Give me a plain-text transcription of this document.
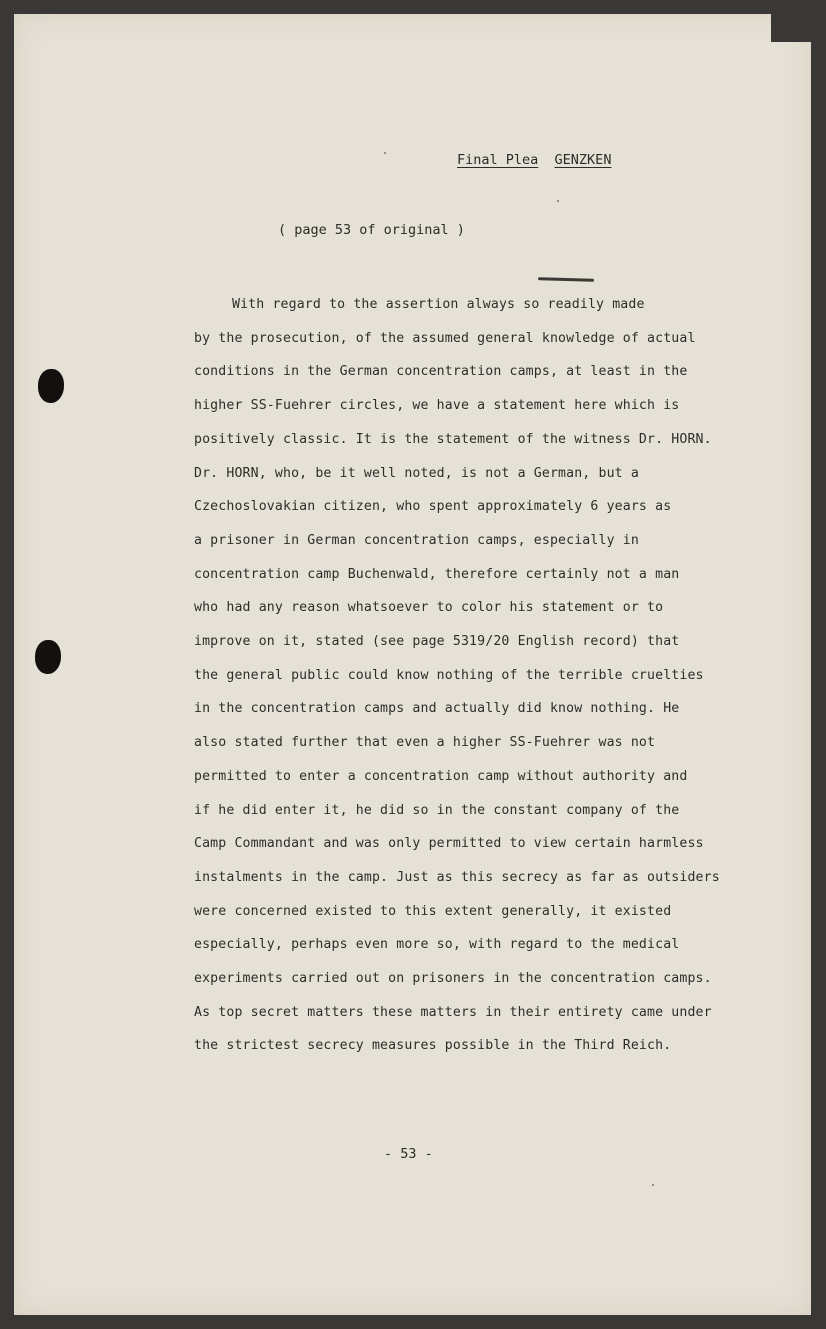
Final Plea GENZKEN
( page 53 of original )
With regard to the assertion always so readily made
by the prosecution, of the assumed general knowledge of actual
conditions in the German concentration camps, at least in the
higher SS-Fuehrer circles, we have a statement here which is
positively classic. It is the statement of the witness Dr. HORN.
Dr. HORN, who, be it well noted, is not a German, but a
Czechoslovakian citizen, who spent approximately 6 years as
a prisoner in German concentration camps, especially in
concentration camp Buchenwald, therefore certainly not a man
who had any reason whatsoever to color his statement or to
improve on it, stated (see page 5319/20 English record) that
the general public could know nothing of the terrible cruelties
in the concentration camps and actually did know nothing. He
also stated further that even a higher SS-Fuehrer was not
permitted to enter a concentration camp without authority and
if he did enter it, he did so in the constant company of the
Camp Commandant and was only permitted to view certain harmless
instalments in the camp. Just as this secrecy as far as outsiders
were concerned existed to this extent generally, it existed
especially, perhaps even more so, with regard to the medical
experiments carried out on prisoners in the concentration camps.
As top secret matters these matters in their entirety came under
the strictest secrecy measures possible in the Third Reich.
- 53 -
